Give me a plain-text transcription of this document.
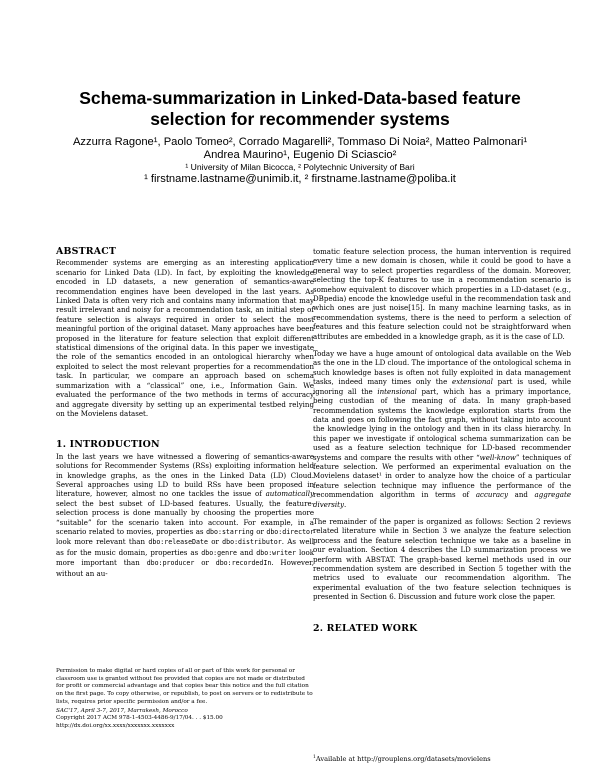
Schema-summarization in Linked-Data-based feature
selection for recommender systems
Azzurra Ragone¹, Paolo Tomeo², Corrado Magarelli², Tommaso Di Noia², Matteo Palmonari¹
Andrea Maurino¹, Eugenio Di Sciascio²
¹ University of Milan Bicocca, ² Polytechnic University of Bari
¹ firstname.lastname@unimib.it, ² firstname.lastname@poliba.it
ABSTRACT

Recommender systems are emerging as an interesting application scenario for Linked Data (LD). In fact, by exploiting the knowledge encoded in LD datasets, a new generation of semantics-aware recommendation engines have been developed in the last years. As Linked Data is often very rich and contains many information that may result irrelevant and noisy for a recommendation task, an initial step of feature selection is always required in order to select the most meaningful portion of the original dataset. Many approaches have been proposed in the literature for feature selection that exploit different statistical dimensions of the original data. In this paper we investigate the role of the semantics encoded in an ontological hierarchy when exploited to select the most relevant properties for a recommendation task. In particular, we compare an approach based on schema summarization with a “classical” one, i.e., Information Gain. We evaluated the performance of the two methods in terms of accuracy and aggregate diversity by setting up an experimental testbed relying on the Movielens dataset.

1. INTRODUCTION

In the last years we have witnessed a flowering of semantics-aware solutions for Recommender Systems (RSs) exploiting information held in knowledge graphs, as the ones in the Linked Data (LD) Cloud. Several approaches using LD to build RSs have been proposed in literature, however, almost no one tackles the issue of automatically select the best subset of LD-based features. Usually, the feature-selection process is done manually by choosing the properties more “suitable” for the scenario taken into account. For example, in a scenario related to movies, properties as dbo:starring or dbo:director look more relevant than dbo:releaseDate or dbo:distributor. As well as for the music domain, properties as dbo:genre and dbo:writer look more important than dbo:producer or dbo:recordedIn. However, without an au-

Permission to make digital or hard copies of all or part of this work for personal or classroom use is granted without fee provided that copies are not made or distributed for profit or commercial advantage and that copies bear this notice and the full citation on the first page. To copy otherwise, or republish, to post on servers or to redistribute to lists, requires prior specific permission and/or a fee.

SAC'17, April 3-7, 2017, Marrakesh, Morocco

Copyright 2017 ACM 978-1-4503-4486-9/17/04. . . $15.00

http://dx.doi.org/xx.xxxx/xxxxxxx.xxxxxxx

tomatic feature selection process, the human intervention is required every time a new domain is chosen, while it could be good to have a general way to select properties regardless of the domain. Moreover, selecting the top-K features to use in a recommendation scenario is somehow equivalent to discover which properties in a LD-dataset (e.g., DBpedia) encode the knowledge useful in the recommendation task and which ones are just noise[15]. In many machine learning tasks, as in recommendation systems, there is the need to perform a selection of features and this feature selection could not be straightforward when attributes are embedded in a knowledge graph, as it is the case of LD.

Today we have a huge amount of ontological data available on the Web as the one in the LD cloud. The importance of the ontological schema in such knowledge bases is often not fully exploited in data management tasks, indeed many times only the extensional part is used, while ignoring all the intensional part, which has a primary importance, being custodian of the meaning of data. In many graph-based recommendation systems the knowledge exploration starts from the data and goes on following the fact graph, without taking into account the knowledge lying in the ontology and then in its class hierarchy. In this paper we investigate if ontological schema summarization can be used as a feature selection technique for LD-based recommender systems and compare the results with other “well-know” techniques of feature selection. We performed an experimental evaluation on the Movielens dataset¹ in order to analyze how the choice of a particular feature selection technique may influence the performance of the recommendation algorithm in terms of accuracy and aggregate diversity.

The remainder of the paper is organized as follows: Section 2 reviews related literature while in Section 3 we analyze the feature selection process and the feature selection technique we take as a baseline in our evaluation. Section 4 describes the LD summarization process we perform with ABSTAT. The graph-based kernel methods used in our recommendation system are described in Section 5 together with the metrics used to evaluate our recommendation algorithm. The experimental evaluation of the two feature selection techniques is presented in Section 6. Discussion and future work close the paper.

2. RELATED WORK
$^1$Available at http://grouplens.org/datasets/movielens
